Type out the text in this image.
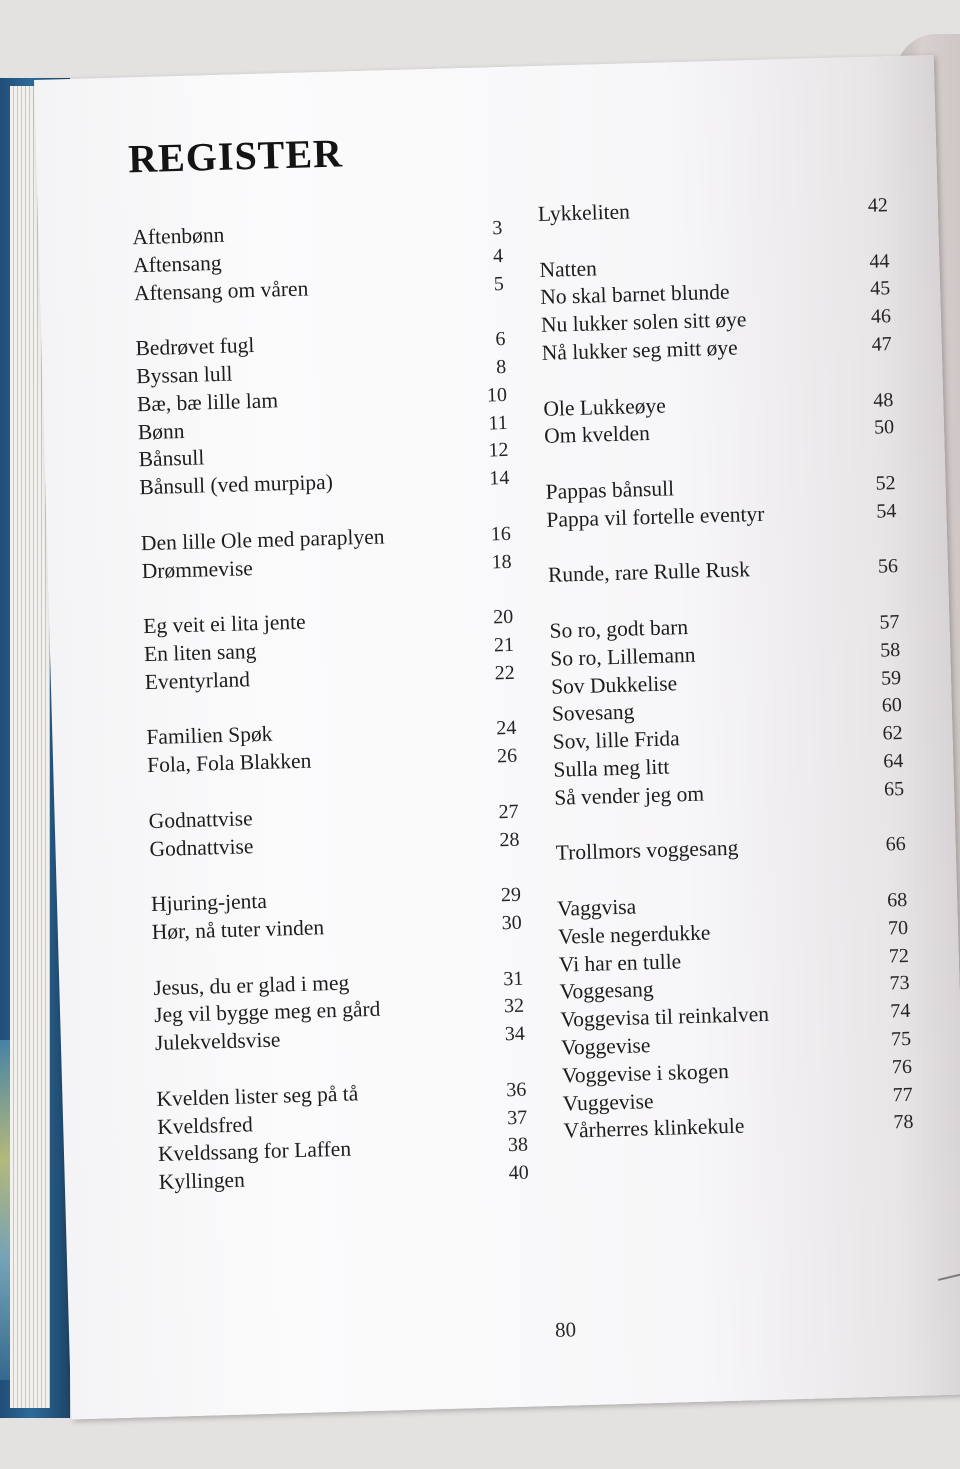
REGISTER
Aftenbønn	3
Aftensang	4
Aftensang om våren	5
Bedrøvet fugl	6
Byssan lull	8
Bæ, bæ lille lam	10
Bønn	11
Bånsull	12
Bånsull (ved murpipa)	14
Den lille Ole med paraplyen	16
Drømmevise	18
Eg veit ei lita jente	20
En liten sang	21
Eventyrland	22
Familien Spøk	24
Fola, Fola Blakken	26
Godnattvise	27
Godnattvise	28
Hjuring-jenta	29
Hør, nå tuter vinden	30
Jesus, du er glad i meg	31
Jeg vil bygge meg en gård	32
Julekveldsvise	34
Kvelden lister seg på tå	36
Kveldsfred	37
Kveldssang for Laffen	38
Kyllingen	40
Lykkeliten	42
Natten	44
No skal barnet blunde	45
Nu lukker solen sitt øye	46
Nå lukker seg mitt øye	47
Ole Lukkeøye	48
Om kvelden	50
Pappas bånsull	52
Pappa vil fortelle eventyr	54
Runde, rare Rulle Rusk	56
So ro, godt barn	57
So ro, Lillemann	58
Sov Dukkelise	59
Sovesang	60
Sov, lille Frida	62
Sulla meg litt	64
Så vender jeg om	65
Trollmors voggesang	66
Vaggvisa	68
Vesle negerdukke	70
Vi har en tulle	72
Voggesang	73
Voggevisa til reinkalven	74
Voggevise	75
Voggevise i skogen	76
Vuggevise	77
Vårherres klinkekule	78
80
